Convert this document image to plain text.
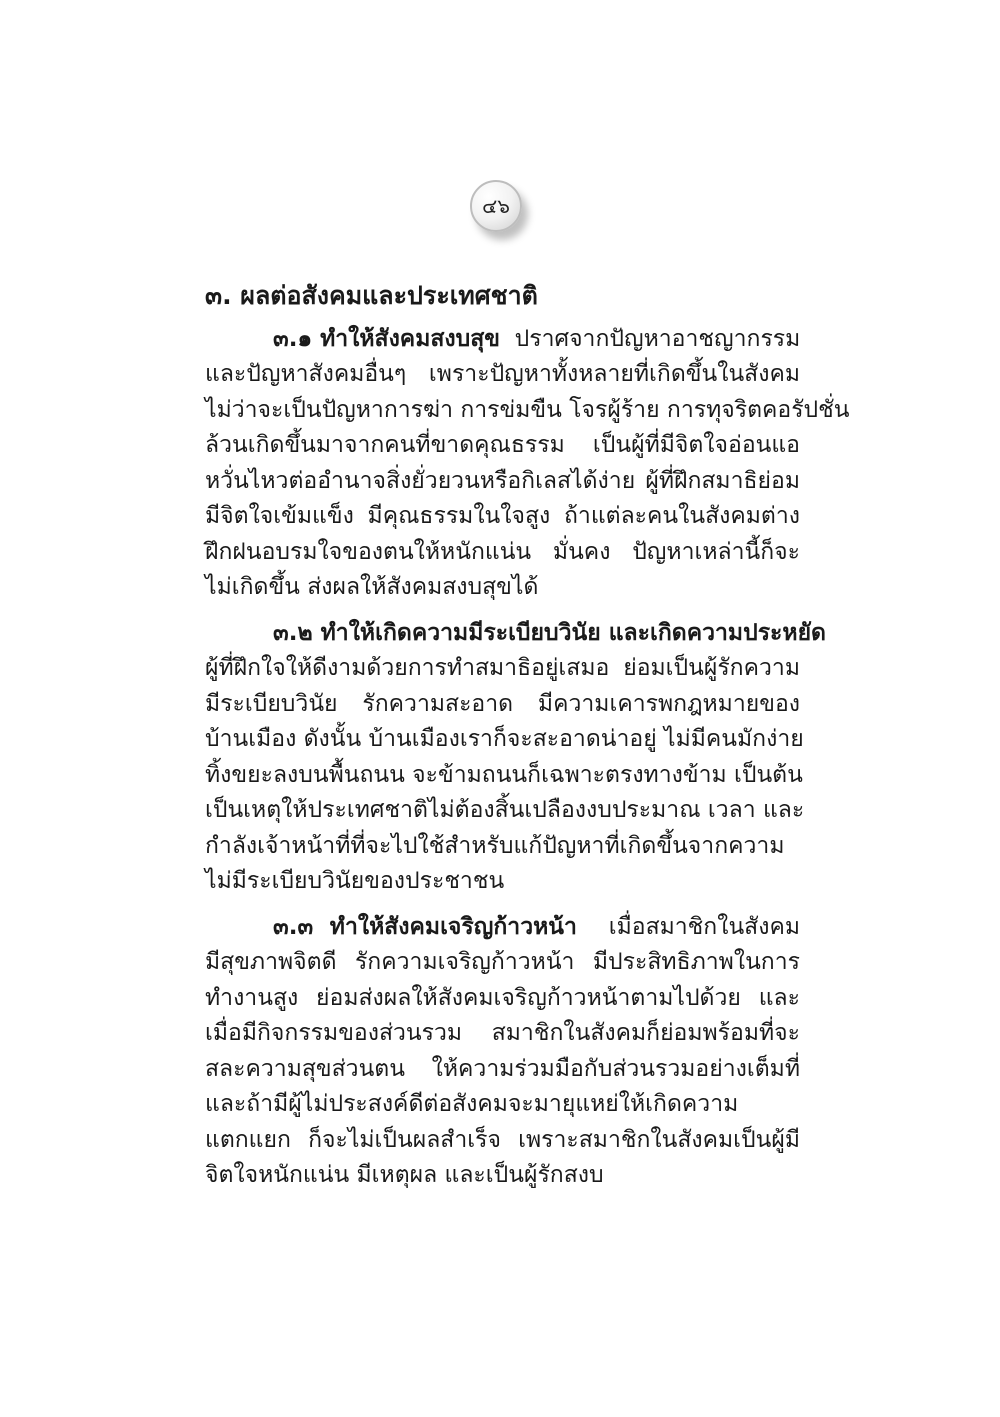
๔๖
๓. ผลต่อสังคมและประเทศชาติ
๓.๑ ทำให้สังคมสงบสุข ปราศจากปัญหาอาชญากรรม
และปัญหาสังคมอื่นๆ เพราะปัญหาทั้งหลายที่เกิดขึ้นในสังคม
ไม่ว่าจะเป็นปัญหาการฆ่า การข่มขืน โจรผู้ร้าย การทุจริตคอรัปชั่น
ล้วนเกิดขึ้นมาจากคนที่ขาดคุณธรรม เป็นผู้ที่มีจิตใจอ่อนแอ
หวั่นไหวต่ออำนาจสิ่งยั่วยวนหรือกิเลสได้ง่าย ผู้ที่ฝึกสมาธิย่อม
มีจิตใจเข้มแข็ง มีคุณธรรมในใจสูง ถ้าแต่ละคนในสังคมต่าง
ฝึกฝนอบรมใจของตนให้หนักแน่น มั่นคง ปัญหาเหล่านี้ก็จะ
ไม่เกิดขึ้น ส่งผลให้สังคมสงบสุขได้
๓.๒ ทำให้เกิดความมีระเบียบวินัย และเกิดความประหยัด
ผู้ที่ฝึกใจให้ดีงามด้วยการทำสมาธิอยู่เสมอ ย่อมเป็นผู้รักความ
มีระเบียบวินัย รักความสะอาด มีความเคารพกฎหมายของ
บ้านเมือง ดังนั้น บ้านเมืองเราก็จะสะอาดน่าอยู่ ไม่มีคนมักง่าย
ทิ้งขยะลงบนพื้นถนน จะข้ามถนนก็เฉพาะตรงทางข้าม เป็นต้น
เป็นเหตุให้ประเทศชาติไม่ต้องสิ้นเปลืองงบประมาณ เวลา และ
กำลังเจ้าหน้าที่ที่จะไปใช้สำหรับแก้ปัญหาที่เกิดขึ้นจากความ
ไม่มีระเบียบวินัยของประชาชน
๓.๓ ทำให้สังคมเจริญก้าวหน้า เมื่อสมาชิกในสังคม
มีสุขภาพจิตดี รักความเจริญก้าวหน้า มีประสิทธิภาพในการ
ทำงานสูง ย่อมส่งผลให้สังคมเจริญก้าวหน้าตามไปด้วย และ
เมื่อมีกิจกรรมของส่วนรวม สมาชิกในสังคมก็ย่อมพร้อมที่จะ
สละความสุขส่วนตน ให้ความร่วมมือกับส่วนรวมอย่างเต็มที่
และถ้ามีผู้ไม่ประสงค์ดีต่อสังคมจะมายุแหย่ให้เกิดความ
แตกแยก ก็จะไม่เป็นผลสำเร็จ เพราะสมาชิกในสังคมเป็นผู้มี
จิตใจหนักแน่น มีเหตุผล และเป็นผู้รักสงบ
